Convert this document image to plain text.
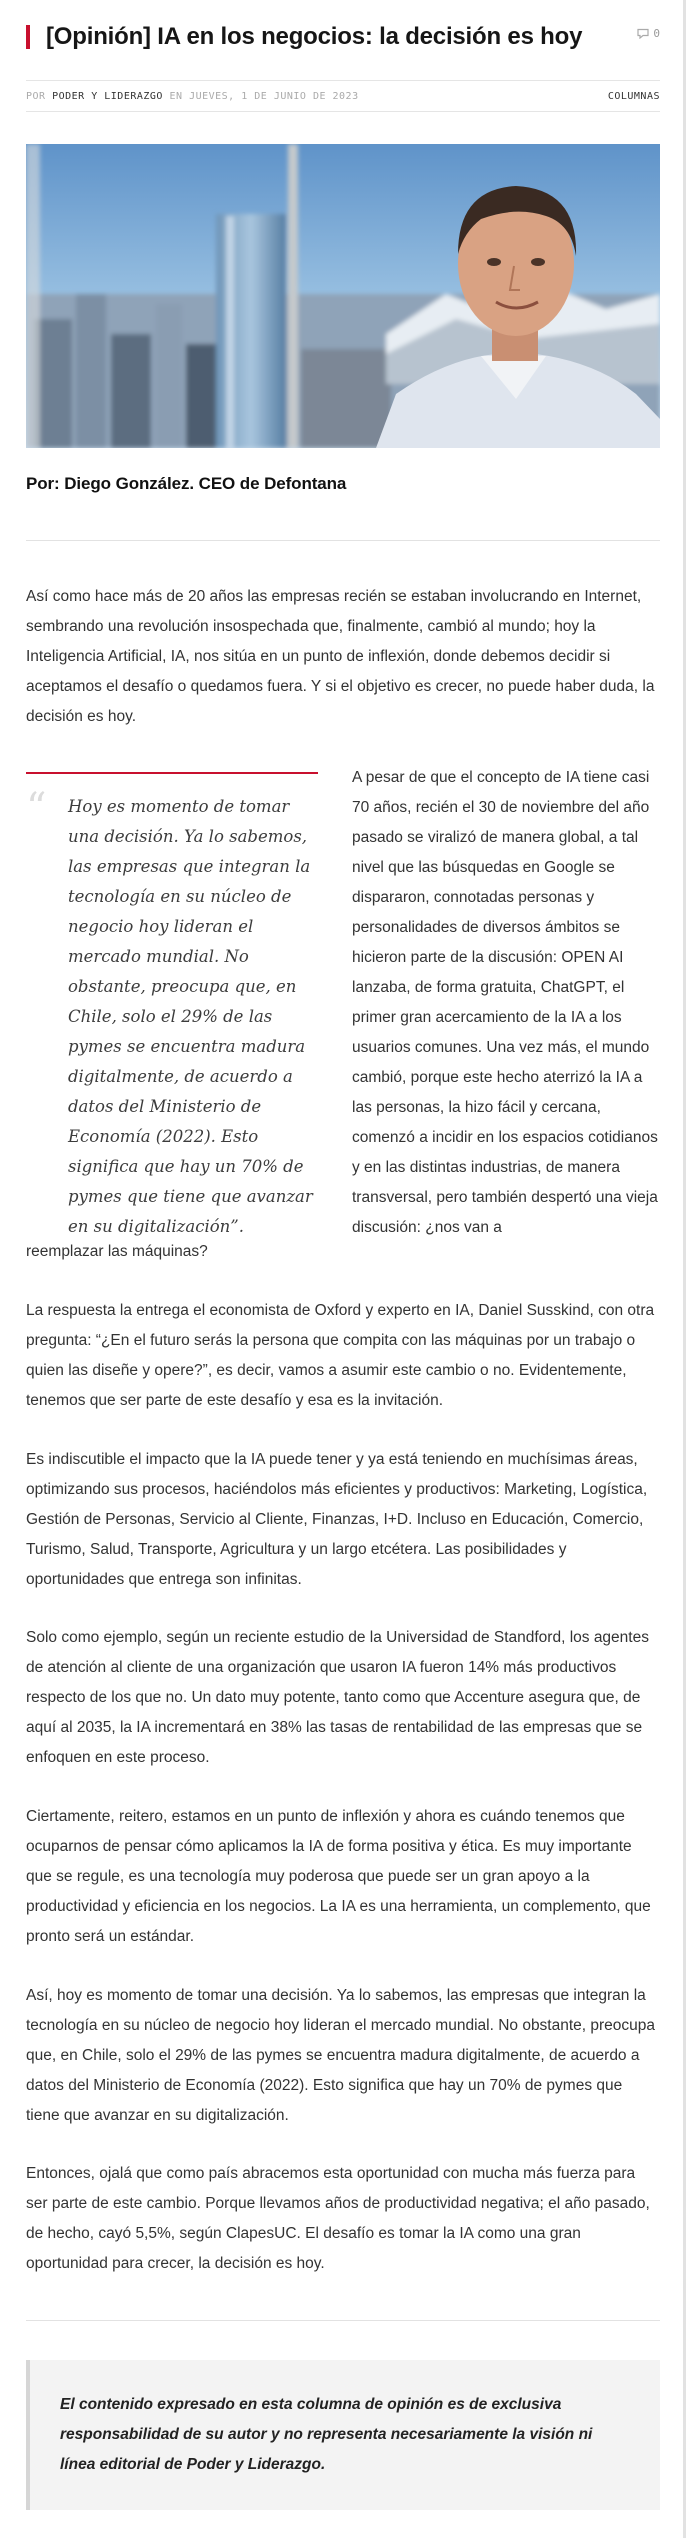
[Opinión] IA en los negocios: la decisión es hoy	0
POR PODER Y LIDERAZGO EN JUEVES, 1 DE JUNIO DE 2023	COLUMNAS

Por: Diego González. CEO de Defontana

Así como hace más de 20 años las empresas recién se estaban involucrando en Internet, sembrando una revolución insospechada que, finalmente, cambió al mundo; hoy la Inteligencia Artificial, IA, nos sitúa en un punto de inflexión, donde debemos decidir si aceptamos el desafío o quedamos fuera. Y si el objetivo es crecer, no puede haber duda, la decisión es hoy.

“ Hoy es momento de tomar una decisión. Ya lo sabemos, las empresas que integran la tecnología en su núcleo de negocio hoy lideran el mercado mundial. No obstante, preocupa que, en Chile, solo el 29% de las pymes se encuentra madura digitalmente, de acuerdo a datos del Ministerio de Economía (2022). Esto significa que hay un 70% de pymes que tiene que avanzar en su digitalización”.

A pesar de que el concepto de IA tiene casi 70 años, recién el 30 de noviembre del año pasado se viralizó de manera global, a tal nivel que las búsquedas en Google se dispararon, connotadas personas y personalidades de diversos ámbitos se hicieron parte de la discusión: OPEN AI lanzaba, de forma gratuita, ChatGPT, el primer gran acercamiento de la IA a los usuarios comunes. Una vez más, el mundo cambió, porque este hecho aterrizó la IA a las personas, la hizo fácil y cercana, comenzó a incidir en los espacios cotidianos y en las distintas industrias, de manera transversal, pero también despertó una vieja discusión: ¿nos van a

reemplazar las máquinas?

La respuesta la entrega el economista de Oxford y experto en IA, Daniel Susskind, con otra pregunta: “¿En el futuro serás la persona que compita con las máquinas por un trabajo o quien las diseñe y opere?”, es decir, vamos a asumir este cambio o no. Evidentemente, tenemos que ser parte de este desafío y esa es la invitación.

Es indiscutible el impacto que la IA puede tener y ya está teniendo en muchísimas áreas, optimizando sus procesos, haciéndolos más eficientes y productivos: Marketing, Logística, Gestión de Personas, Servicio al Cliente, Finanzas, I+D. Incluso en Educación, Comercio, Turismo, Salud, Transporte, Agricultura y un largo etcétera. Las posibilidades y oportunidades que entrega son infinitas.

Solo como ejemplo, según un reciente estudio de la Universidad de Standford, los agentes de atención al cliente de una organización que usaron IA fueron 14% más productivos respecto de los que no. Un dato muy potente, tanto como que Accenture asegura que, de aquí al 2035, la IA incrementará en 38% las tasas de rentabilidad de las empresas que se enfoquen en este proceso.

Ciertamente, reitero, estamos en un punto de inflexión y ahora es cuándo tenemos que ocuparnos de pensar cómo aplicamos la IA de forma positiva y ética. Es muy importante que se regule, es una tecnología muy poderosa que puede ser un gran apoyo a la productividad y eficiencia en los negocios. La IA es una herramienta, un complemento, que pronto será un estándar.

Así, hoy es momento de tomar una decisión. Ya lo sabemos, las empresas que integran la tecnología en su núcleo de negocio hoy lideran el mercado mundial. No obstante, preocupa que, en Chile, solo el 29% de las pymes se encuentra madura digitalmente, de acuerdo a datos del Ministerio de Economía (2022). Esto significa que hay un 70% de pymes que tiene que avanzar en su digitalización.

Entonces, ojalá que como país abracemos esta oportunidad con mucha más fuerza para ser parte de este cambio. Porque llevamos años de productividad negativa; el año pasado, de hecho, cayó 5,5%, según ClapesUC. El desafío es tomar la IA como una gran oportunidad para crecer, la decisión es hoy.

El contenido expresado en esta columna de opinión es de exclusiva responsabilidad de su autor y no representa necesariamente la visión ni línea editorial de Poder y Liderazgo.
